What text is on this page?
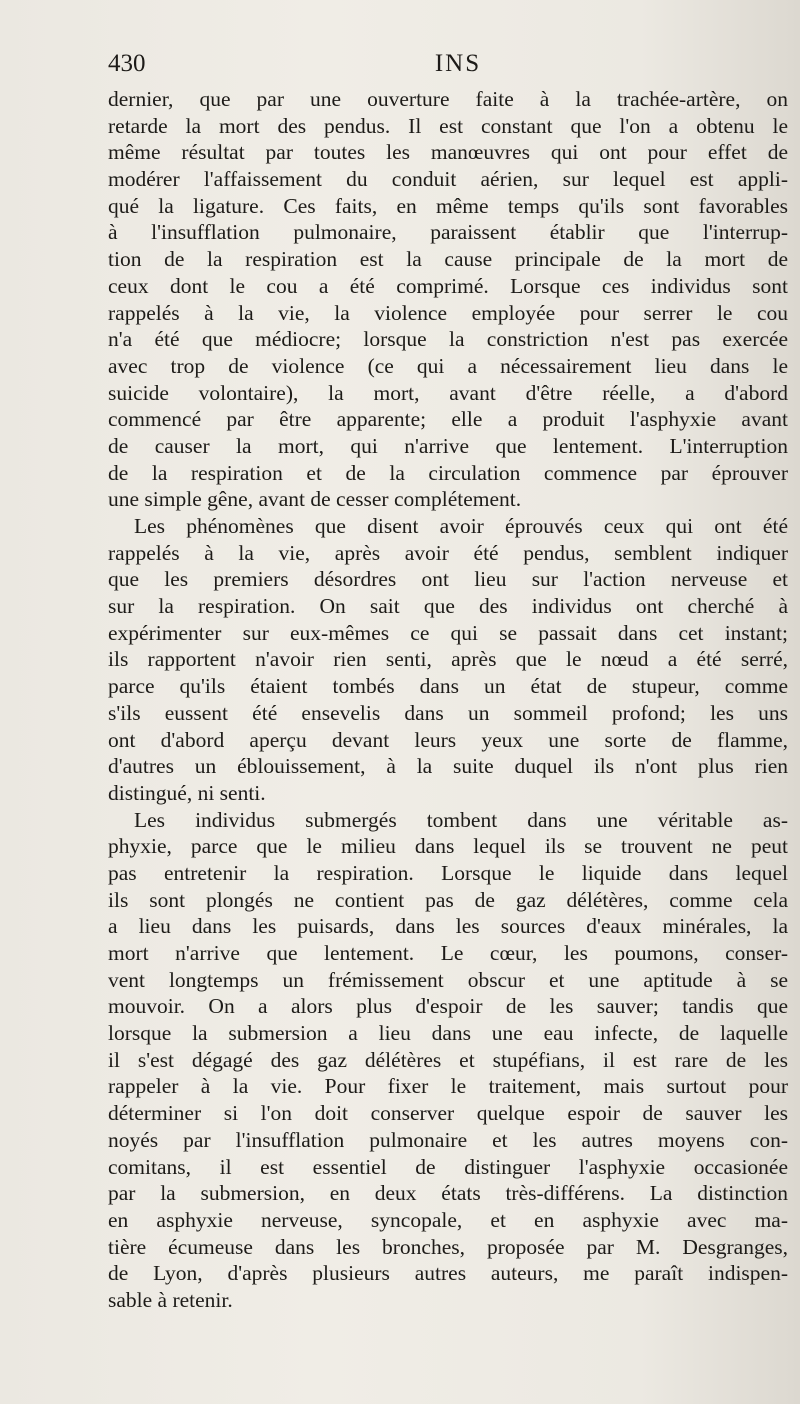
430	INS
dernier, que par une ouverture faite à la trachée-artère, on
retarde la mort des pendus. Il est constant que l'on a obtenu le
même résultat par toutes les manœuvres qui ont pour effet de
modérer l'affaissement du conduit aérien, sur lequel est appli-
qué la ligature. Ces faits, en même temps qu'ils sont favorables
à l'insufflation pulmonaire, paraissent établir que l'interrup-
tion de la respiration est la cause principale de la mort de
ceux dont le cou a été comprimé. Lorsque ces individus sont
rappelés à la vie, la violence employée pour serrer le cou
n'a été que médiocre; lorsque la constriction n'est pas exercée
avec trop de violence (ce qui a nécessairement lieu dans le
suicide volontaire), la mort, avant d'être réelle, a d'abord
commencé par être apparente; elle a produit l'asphyxie avant
de causer la mort, qui n'arrive que lentement. L'interruption
de la respiration et de la circulation commence par éprouver
une simple gêne, avant de cesser complétement.
Les phénomènes que disent avoir éprouvés ceux qui ont été
rappelés à la vie, après avoir été pendus, semblent indiquer
que les premiers désordres ont lieu sur l'action nerveuse et
sur la respiration. On sait que des individus ont cherché à
expérimenter sur eux-mêmes ce qui se passait dans cet instant;
ils rapportent n'avoir rien senti, après que le nœud a été serré,
parce qu'ils étaient tombés dans un état de stupeur, comme
s'ils eussent été ensevelis dans un sommeil profond; les uns
ont d'abord aperçu devant leurs yeux une sorte de flamme,
d'autres un éblouissement, à la suite duquel ils n'ont plus rien
distingué, ni senti.
Les individus submergés tombent dans une véritable as-
phyxie, parce que le milieu dans lequel ils se trouvent ne peut
pas entretenir la respiration. Lorsque le liquide dans lequel
ils sont plongés ne contient pas de gaz délétères, comme cela
a lieu dans les puisards, dans les sources d'eaux minérales, la
mort n'arrive que lentement. Le cœur, les poumons, conser-
vent longtemps un frémissement obscur et une aptitude à se
mouvoir. On a alors plus d'espoir de les sauver; tandis que
lorsque la submersion a lieu dans une eau infecte, de laquelle
il s'est dégagé des gaz délétères et stupéfians, il est rare de les
rappeler à la vie. Pour fixer le traitement, mais surtout pour
déterminer si l'on doit conserver quelque espoir de sauver les
noyés par l'insufflation pulmonaire et les autres moyens con-
comitans, il est essentiel de distinguer l'asphyxie occasionée
par la submersion, en deux états très-différens. La distinction
en asphyxie nerveuse, syncopale, et en asphyxie avec ma-
tière écumeuse dans les bronches, proposée par M. Desgranges,
de Lyon, d'après plusieurs autres auteurs, me paraît indispen-
sable à retenir.
